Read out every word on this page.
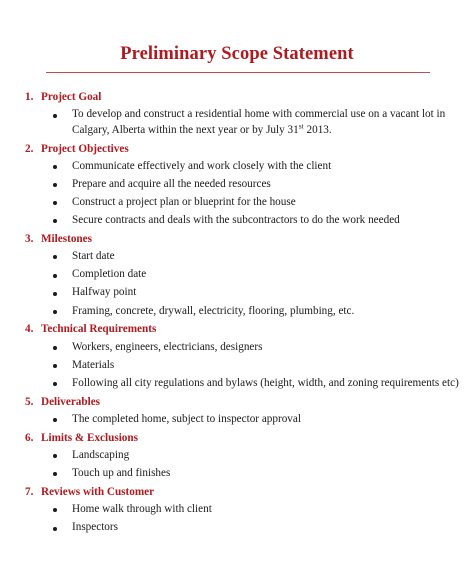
Preliminary Scope Statement
1. Project Goal
To develop and construct a residential home with commercial use on a vacant lot in Calgary, Alberta within the next year or by July 31st 2013.
2. Project Objectives
Communicate effectively and work closely with the client
Prepare and acquire all the needed resources
Construct a project plan or blueprint for the house
Secure contracts and deals with the subcontractors to do the work needed
3. Milestones
Start date
Completion date
Halfway point
Framing, concrete, drywall, electricity, flooring, plumbing, etc.
4. Technical Requirements
Workers, engineers, electricians, designers
Materials
Following all city regulations and bylaws (height, width, and zoning requirements etc)
5. Deliverables
The completed home, subject to inspector approval
6. Limits & Exclusions
Landscaping
Touch up and finishes
7. Reviews with Customer
Home walk through with client
Inspectors
